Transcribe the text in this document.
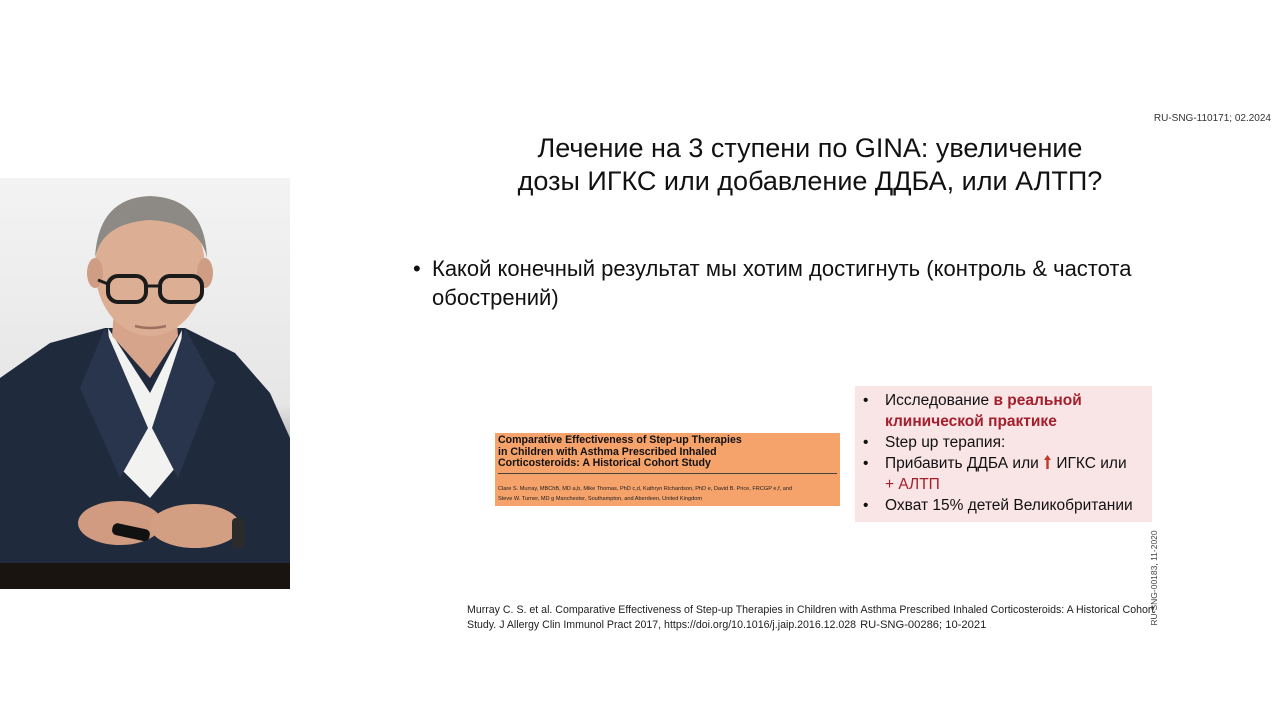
RU-SNG-110171; 02.2024
Лечение на 3 ступени по GINA: увеличение
дозы ИГКС или добавление ДДБА, или АЛТП?
• Какой конечный результат мы хотим достигнуть (контроль & частота обострений)
Comparative Effectiveness of Step-up Therapies
in Children with Asthma Prescribed Inhaled
Corticosteroids: A Historical Cohort Study
Clare S. Murray, MBChB, MD a,b, Mike Thomas, PhD c,d, Kathryn Richardson, PhD e, David B. Price, FRCGP e,f, and
Steve W. Turner, MD g Manchester, Southampton, and Aberdeen, United Kingdom
• Исследование в реальной клинической практике
• Step up терапия:
• Прибавить ДДБА или  ИГКС или
+ АЛТП
• Охват 15% детей Великобритании
RU-SNG-00183, 11-2020
Murray C. S. et al. Comparative Effectiveness of Step-up Therapies in Children with Asthma Prescribed Inhaled Corticosteroids: A Historical Cohort Study. J Allergy Clin Immunol Pract 2017, https://doi.org/10.1016/j.jaip.2016.12.028 RU-SNG-00286; 10-2021
